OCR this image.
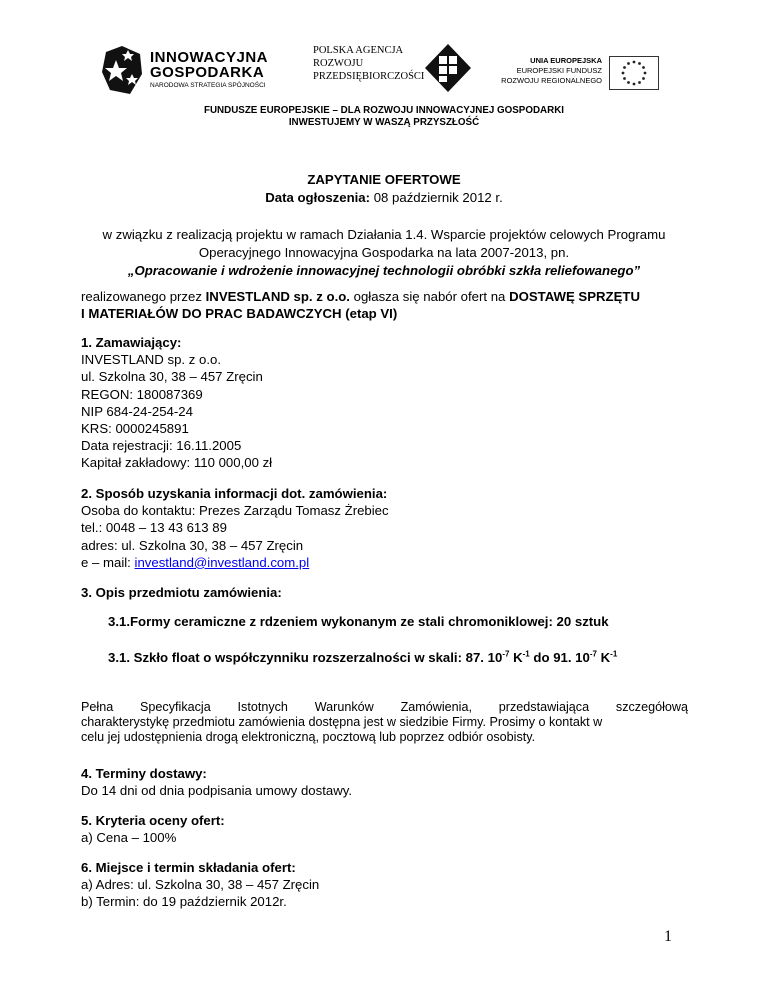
INNOWACYJNA
GOSPODARKA
NARODOWA STRATEGIA SPÓJNOŚCI
POLSKA AGENCJA
ROZWOJU
PRZEDSIĘBIORCZOŚCI
UNIA EUROPEJSKA
EUROPEJSKI FUNDUSZ
ROZWOJU REGIONALNEGO
FUNDUSZE EUROPEJSKIE – DLA ROZWOJU INNOWACYJNEJ GOSPODARKI
INWESTUJEMY W WASZĄ PRZYSZŁOŚĆ
ZAPYTANIE OFERTOWE
Data ogłoszenia: 08 październik 2012 r.
w związku z realizacją projektu w ramach Działania 1.4. Wsparcie projektów celowych Programu
Operacyjnego Innowacyjna Gospodarka na lata 2007-2013, pn.
„Opracowanie i wdrożenie innowacyjnej technologii obróbki szkła reliefowanego”
realizowanego przez INVESTLAND sp. z o.o. ogłasza się nabór ofert na DOSTAWĘ SPRZĘTU
I MATERIAŁÓW DO PRAC BADAWCZYCH (etap VI)
1. Zamawiający:
INVESTLAND sp. z o.o.
ul. Szkolna 30, 38 – 457 Zręcin
REGON: 180087369
NIP 684-24-254-24
KRS: 0000245891
Data rejestracji: 16.11.2005
Kapitał zakładowy: 110 000,00 zł
2. Sposób uzyskania informacji dot. zamówienia:
Osoba do kontaktu: Prezes Zarządu Tomasz Żrebiec
tel.: 0048 – 13 43 613 89
adres: ul. Szkolna 30, 38 – 457 Zręcin
e – mail: investland@investland.com.pl
3. Opis przedmiotu zamówienia:
3.1.Formy ceramiczne z rdzeniem wykonanym ze stali chromoniklowej: 20 sztuk
3.1. Szkło float o współczynniku rozszerzalności w skali: 87. $10^{-7}$ $K^{-1}$ do 91. $10^{-7}$ $K^{-1}$
Pełna Specyfikacja Istotnych Warunków Zamówienia, przedstawiająca szczegółową
charakterystykę przedmiotu zamówienia dostępna jest w siedzibie Firmy. Prosimy o kontakt w
celu jej udostępnienia drogą elektroniczną, pocztową lub poprzez odbiór osobisty.
4. Terminy dostawy:
Do 14 dni od dnia podpisania umowy dostawy.
5. Kryteria oceny ofert:
a) Cena – 100%
6. Miejsce i termin składania ofert:
a) Adres: ul. Szkolna 30, 38 – 457 Zręcin
b) Termin: do 19 październik 2012r.
1
